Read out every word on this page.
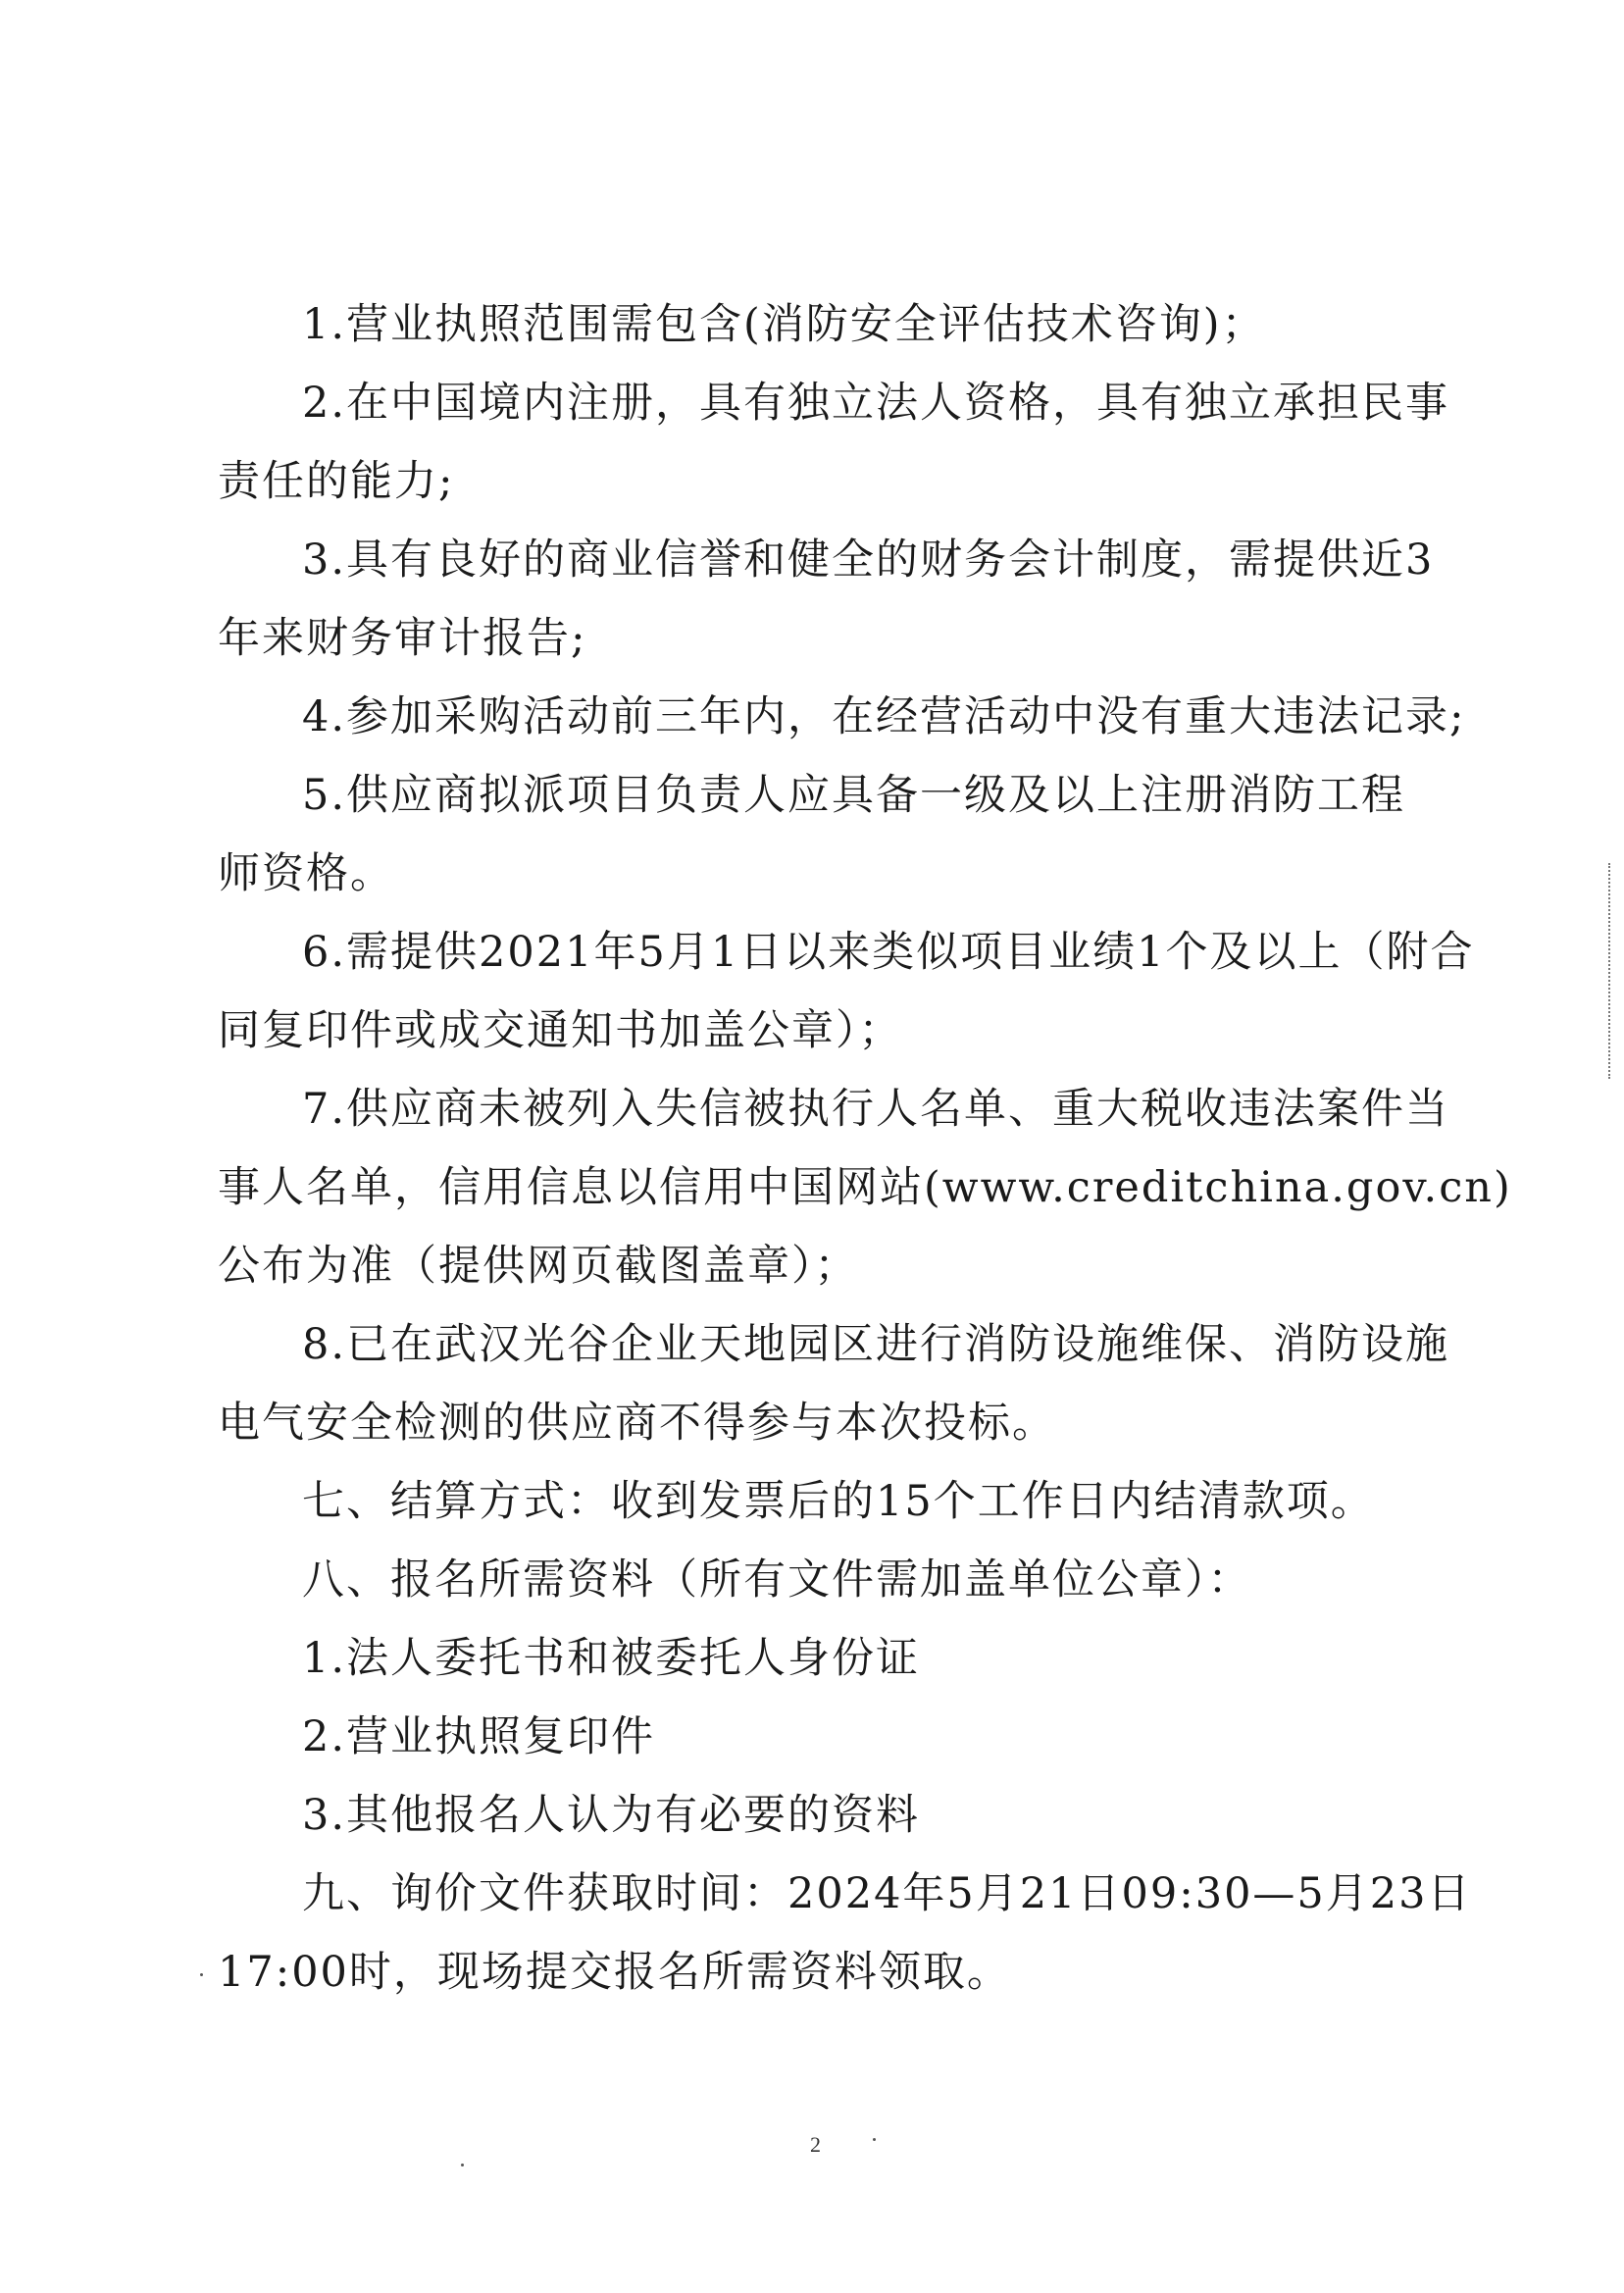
1.营业执照范围需包含(消防安全评估技术咨询)；
2.在中国境内注册，具有独立法人资格，具有独立承担民事
责任的能力;
3.具有良好的商业信誉和健全的财务会计制度，需提供近3
年来财务审计报告;
4.参加采购活动前三年内，在经营活动中没有重大违法记录;
5.供应商拟派项目负责人应具备一级及以上注册消防工程
师资格。
6.需提供2021年5月1日以来类似项目业绩1个及以上（附合
同复印件或成交通知书加盖公章）；
7.供应商未被列入失信被执行人名单、重大税收违法案件当
事人名单，信用信息以信用中国网站(www.creditchina.gov.cn)
公布为准（提供网页截图盖章）；
8.已在武汉光谷企业天地园区进行消防设施维保、消防设施
电气安全检测的供应商不得参与本次投标。
七、结算方式：收到发票后的15个工作日内结清款项。
八、报名所需资料（所有文件需加盖单位公章）：
1.法人委托书和被委托人身份证
2.营业执照复印件
3.其他报名人认为有必要的资料
九、询价文件获取时间：2024年5月21日09:30—5月23日
17:00时，现场提交报名所需资料领取。
2
